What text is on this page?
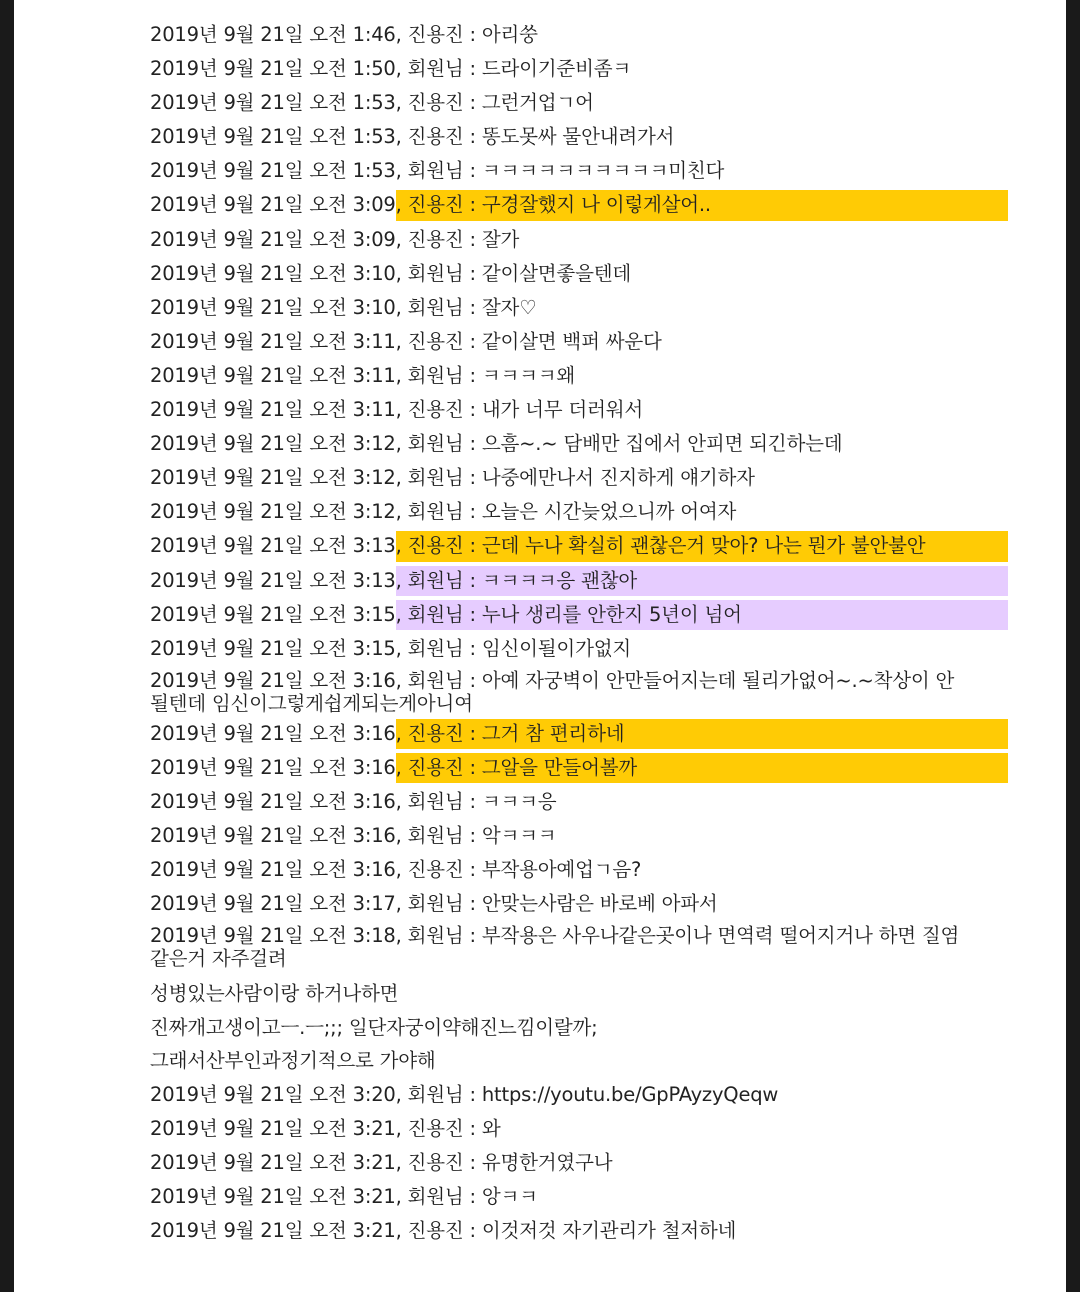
2019년 9월 21일 오전 1:46, 진용진 : 아리쑹
2019년 9월 21일 오전 1:50, 회원님 : 드라이기준비좀ㅋ
2019년 9월 21일 오전 1:53, 진용진 : 그런거업ㄱ어
2019년 9월 21일 오전 1:53, 진용진 : 똥도못싸 물안내려가서
2019년 9월 21일 오전 1:53, 회원님 : ㅋㅋㅋㅋㅋㅋㅋㅋㅋㅋ미친다
2019년 9월 21일 오전 3:09, 진용진 : 구경잘했지 나 이렇게살어..
2019년 9월 21일 오전 3:09, 진용진 : 잘가
2019년 9월 21일 오전 3:10, 회원님 : 같이살면좋을텐데
2019년 9월 21일 오전 3:10, 회원님 : 잘자♡
2019년 9월 21일 오전 3:11, 진용진 : 같이살면 백퍼 싸운다
2019년 9월 21일 오전 3:11, 회원님 : ㅋㅋㅋㅋ왜
2019년 9월 21일 오전 3:11, 진용진 : 내가 너무 더러워서
2019년 9월 21일 오전 3:12, 회원님 : 으흠~.~ 담배만 집에서 안피면 되긴하는데
2019년 9월 21일 오전 3:12, 회원님 : 나중에만나서 진지하게 얘기하자
2019년 9월 21일 오전 3:12, 회원님 : 오늘은 시간늦었으니까 어여자
2019년 9월 21일 오전 3:13, 진용진 : 근데 누나 확실히 괜찮은거 맞아? 나는 뭔가 불안불안
2019년 9월 21일 오전 3:13, 회원님 : ㅋㅋㅋㅋ응 괜찮아
2019년 9월 21일 오전 3:15, 회원님 : 누나 생리를 안한지 5년이 넘어
2019년 9월 21일 오전 3:15, 회원님 : 임신이될이가없지
2019년 9월 21일 오전 3:16, 회원님 : 아예 자궁벽이 안만들어지는데 될리가없어~.~착상이 안될텐데 임신이그렇게쉽게되는게아니여
2019년 9월 21일 오전 3:16, 진용진 : 그거 참 편리하네
2019년 9월 21일 오전 3:16, 진용진 : 그알을 만들어볼까
2019년 9월 21일 오전 3:16, 회원님 : ㅋㅋㅋ응
2019년 9월 21일 오전 3:16, 회원님 : 악ㅋㅋㅋ
2019년 9월 21일 오전 3:16, 진용진 : 부작용아예업ㄱ음?
2019년 9월 21일 오전 3:17, 회원님 : 안맞는사람은 바로베 아파서
2019년 9월 21일 오전 3:18, 회원님 : 부작용은 사우나같은곳이나 면역력 떨어지거나 하면 질염같은거 자주걸려
성병있는사람이랑 하거나하면
진짜개고생이고ㅡ.ㅡ;;; 일단자궁이약해진느낌이랄까;
그래서산부인과정기적으로 가야해
2019년 9월 21일 오전 3:20, 회원님 : https://youtu.be/GpPAyzyQeqw
2019년 9월 21일 오전 3:21, 진용진 : 와
2019년 9월 21일 오전 3:21, 진용진 : 유명한거였구나
2019년 9월 21일 오전 3:21, 회원님 : 앙ㅋㅋ
2019년 9월 21일 오전 3:21, 진용진 : 이것저것 자기관리가 철저하네
